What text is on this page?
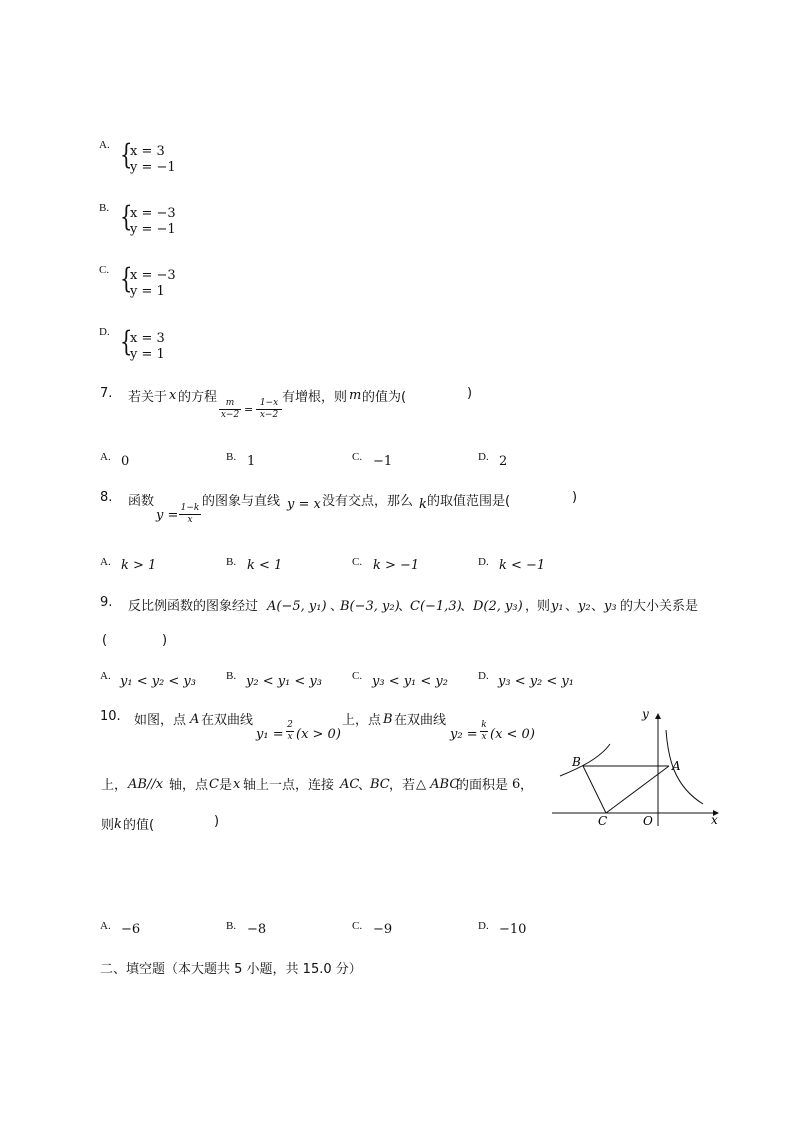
A. {
x = 3
y = −1
B. {
x = −3
y = −1
C. {
x = −3
y = 1
D. {
x = 3
y = 1
7. 若关于 x 的方程 m
x−2 = 1−x
x−2
有增根，则 m 的值为(	)
A. 0	B. 1	C. −1	D. 2
8. 函数
y = 1−k
x
的图象与直线 y = x 没有交点，那么 k 的取值范围是(	)
A. k > 1	B. k < 1	C. k > −1	D. k < −1
9. 反比例函数的图象经过 A(−5, y₁) 、
B(−3, y₂)
、
C(−1,3)
、 D(2, y₃) ，
则 y₁ 、 y₂ 、 y₃ 的大小关系是
(	)
A. y₁ < y₂ < y₃	B. y₂ < y₁ < y₃	C. y₃ < y₁ < y₂	D. y₃ < y₂ < y₁
10. 如图，点 A 在双曲线
y₁ =
2
x (x > 0)
上，点 B 在双曲线
y₂ =
k
x (x < 0)
上， AB//x 轴，点 C 是 x 轴上一点，连接 AC
、
BC ，若 △ ABC
的面积是 6 ，
则 k 的值(	)
y
x
A
B
C	O
A. −6	B. −8	C. −9	D. −10
二、填空题（本大题共 5 小题，共 15.0 分）
